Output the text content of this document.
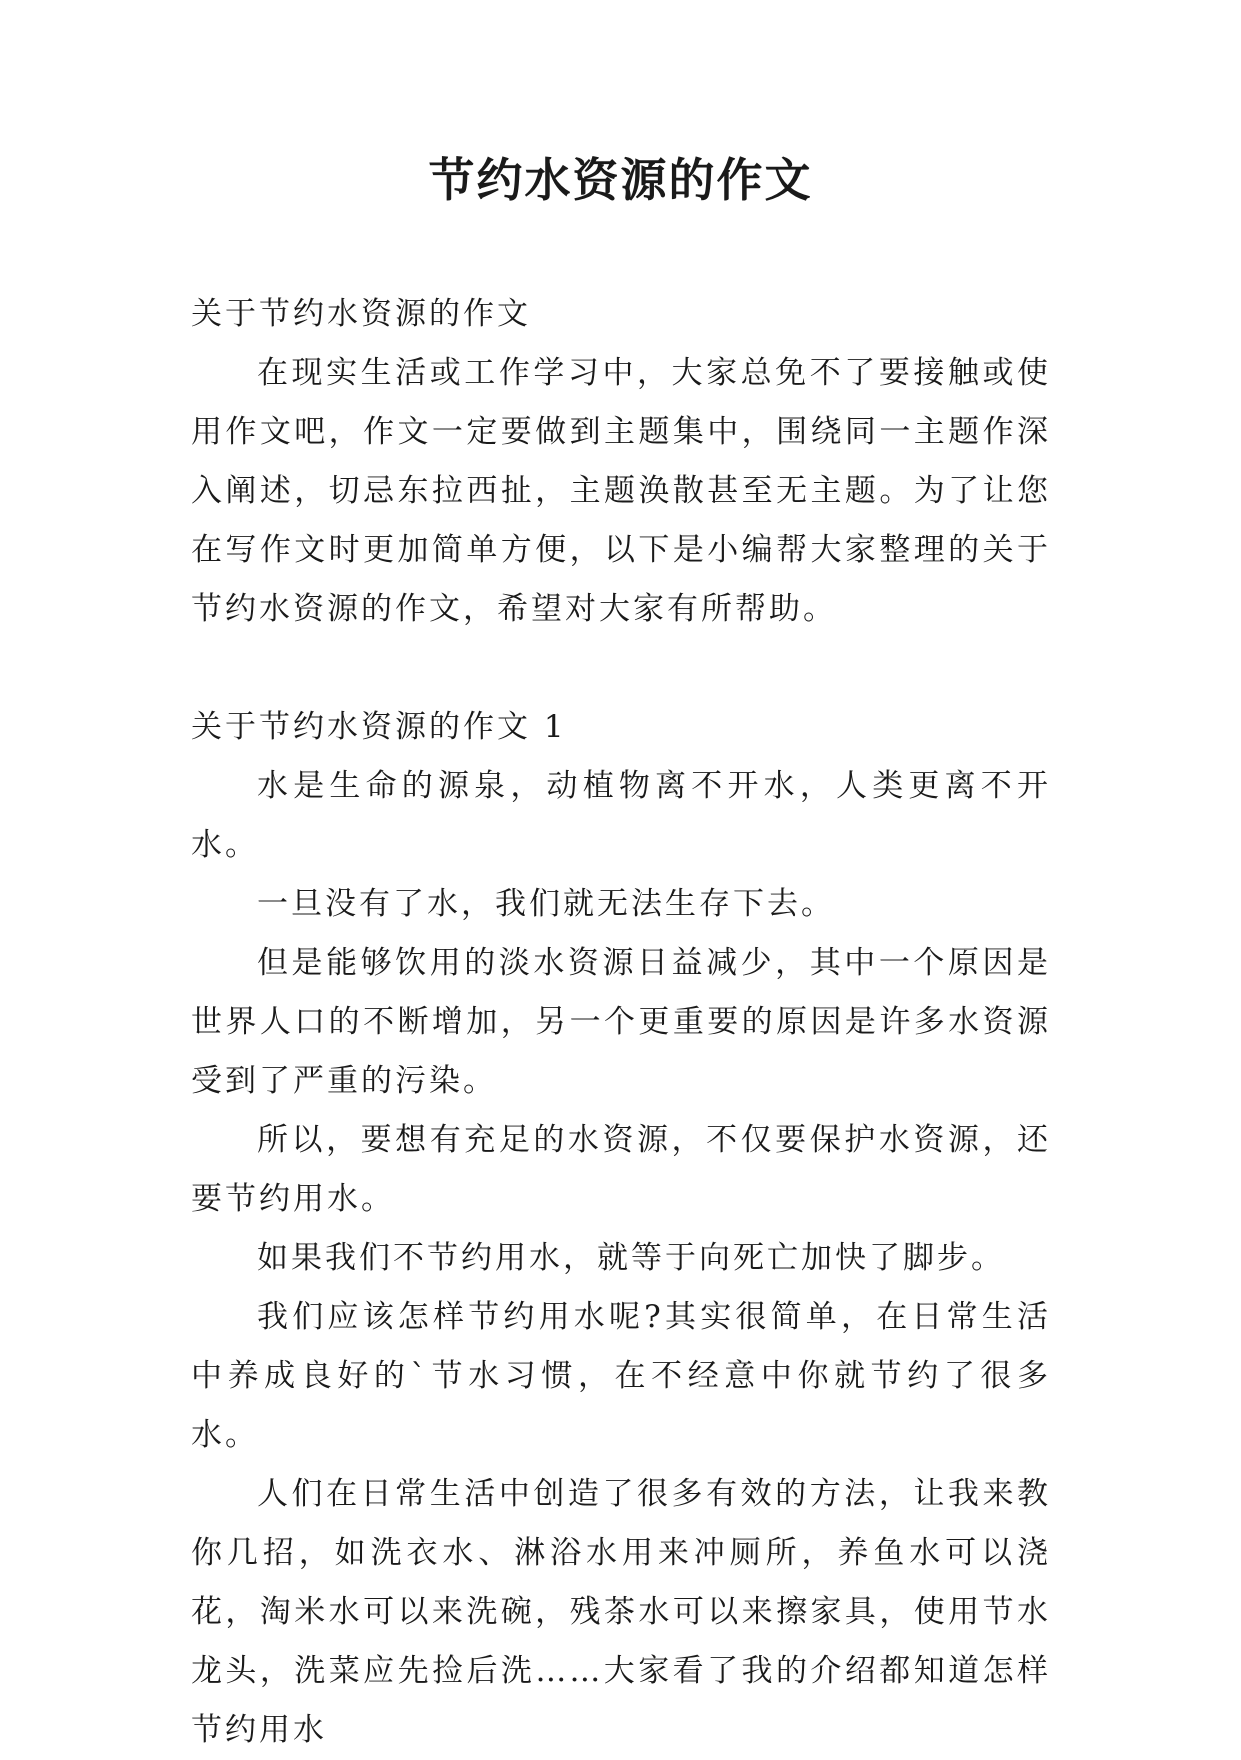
节约水资源的作文

关于节约水资源的作文

在现实生活或工作学习中，大家总免不了要接触或使用作文吧，作文一定要做到主题集中，围绕同一主题作深入阐述，切忌东拉西扯，主题涣散甚至无主题。为了让您在写作文时更加简单方便，以下是小编帮大家整理的关于节约水资源的作文，希望对大家有所帮助。

关于节约水资源的作文 1

水是生命的源泉，动植物离不开水，人类更离不开水。

一旦没有了水，我们就无法生存下去。

但是能够饮用的淡水资源日益减少，其中一个原因是世界人口的不断增加，另一个更重要的原因是许多水资源受到了严重的污染。

所以，要想有充足的水资源，不仅要保护水资源，还要节约用水。

如果我们不节约用水，就等于向死亡加快了脚步。

我们应该怎样节约用水呢?其实很简单，在日常生活中养成良好的`节水习惯，在不经意中你就节约了很多水。

人们在日常生活中创造了很多有效的方法，让我来教你几招，如洗衣水、淋浴水用来冲厕所，养鱼水可以浇花，淘米水可以来洗碗，残茶水可以来擦家具，使用节水龙头，洗菜应先捡后洗……大家看了我的介绍都知道怎样节约用水
